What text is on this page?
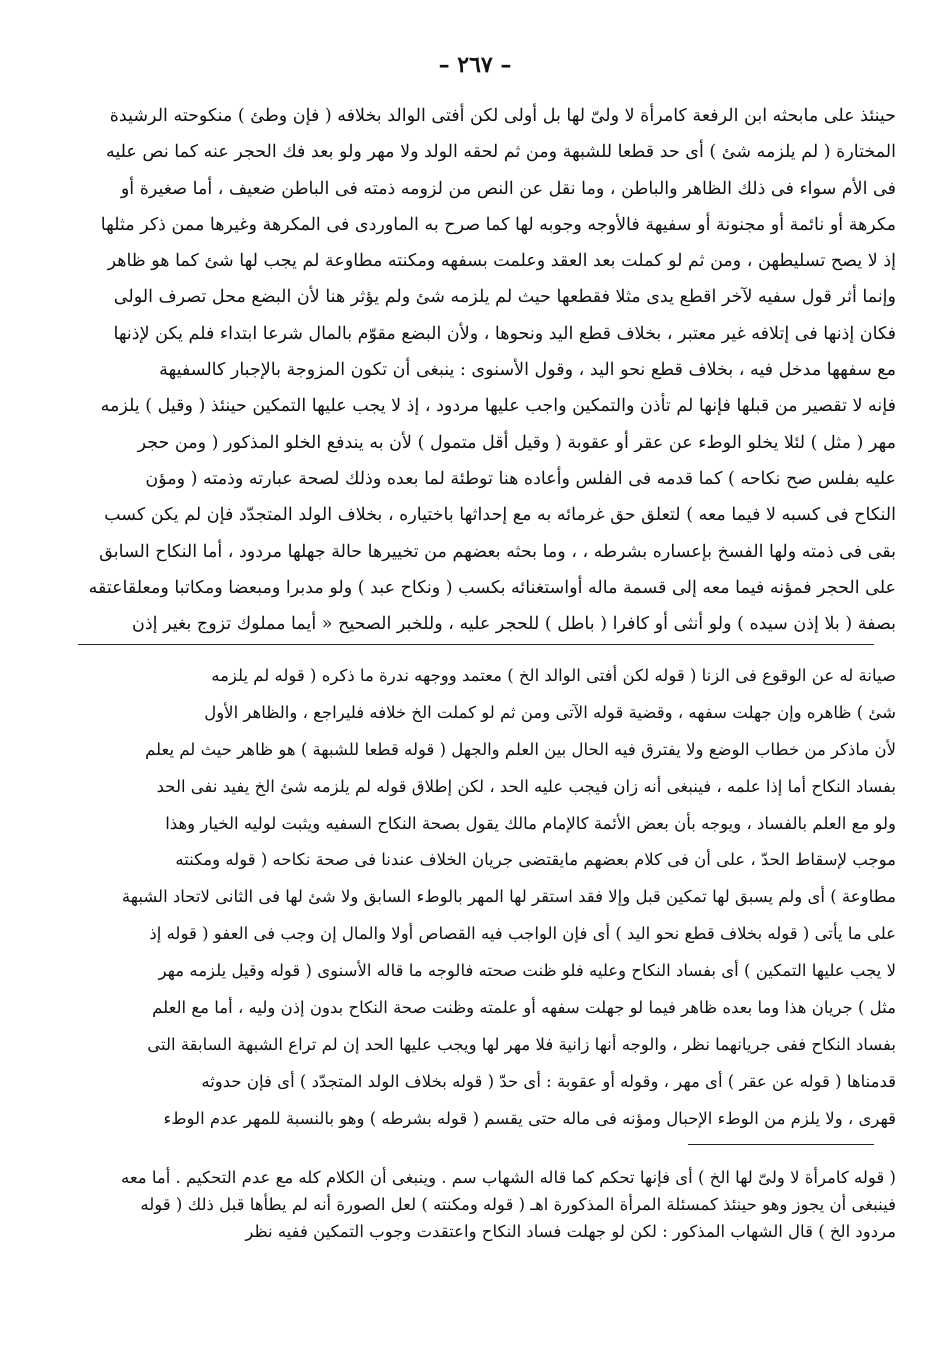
– ٢٦٧ –
حينئذ على مابحثه ابن الرفعة كامرأة لا ولىّ لها بل أولى لكن أفتى الوالد بخلافه ( فإن وطئ ) منكوحته الرشيدة
المختارة ( لم يلزمه شئ ) أى حد قطعا للشبهة ومن ثم لحقه الولد ولا مهر ولو بعد فك الحجر عنه كما نص عليه
فى الأم سواء فى ذلك الظاهر والباطن ، وما نقل عن النص من لزومه ذمته فى الباطن ضعيف ، أما صغيرة أو
مكرهة أو نائمة أو مجنونة أو سفيهة فالأوجه وجوبه لها كما صرح به الماوردى فى المكرهة وغيرها ممن ذكر مثلها
إذ لا يصح تسليطهن ، ومن ثم لو كملت بعد العقد وعلمت بسفهه ومكنته مطاوعة لم يجب لها شئ كما هو ظاهر
وإنما أثر قول سفيه لآخر اقطع يدى مثلا فقطعها حيث لم يلزمه شئ ولم يؤثر هنا لأن البضع محل تصرف الولى
فكان إذنها فى إتلافه غير معتبر ، بخلاف قطع اليد ونحوها ، ولأن البضع مقوّم بالمال شرعا ابتداء فلم يكن لإذنها
مع سفهها مدخل فيه ، بخلاف قطع نحو اليد ، وقول الأسنوى : ينبغى أن تكون المزوجة بالإجبار كالسفيهة
فإنه لا تقصير من قبلها فإنها لم تأذن والتمكين واجب عليها مردود ، إذ لا يجب عليها التمكين حينئذ ( وقيل ) يلزمه
مهر ( مثل ) لئلا يخلو الوطء عن عقر أو عقوبة ( وقيل أقل متمول ) لأن به يندفع الخلو المذكور ( ومن حجر
عليه بفلس صح نكاحه ) كما قدمه فى الفلس وأعاده هنا توطئة لما بعده وذلك لصحة عبارته وذمته ( ومؤن
النكاح فى كسبه لا فيما معه ) لتعلق حق غرمائه به مع إحداثها باختياره ، بخلاف الولد المتجدّد فإن لم يكن كسب
بقى فى ذمته ولها الفسخ بإعساره بشرطه ، ، وما بحثه بعضهم من تخييرها حالة جهلها مردود ، أما النكاح السابق
على الحجر فمؤنه فيما معه إلى قسمة ماله أواستغنائه بكسب ( ونكاح عبد ) ولو مدبرا ومبعضا ومكاتبا ومعلقاعتقه
بصفة ( بلا إذن سيده ) ولو أنثى أو كافرا ( باطل ) للحجر عليه ، وللخبر الصحيح « أيما مملوك تزوج بغير إذن
صيانة له عن الوقوع فى الزنا ( قوله لكن أفتى الوالد الخ ) معتمد ووجهه ندرة ما ذكره ( قوله لم يلزمه
شئ ) ظاهره وإن جهلت سفهه ، وقضية قوله الآتى ومن ثم لو كملت الخ خلافه فليراجع ، والظاهر الأول
لأن ماذكر من خطاب الوضع ولا يفترق فيه الحال بين العلم والجهل ( قوله قطعا للشبهة ) هو ظاهر حيث لم يعلم
بفساد النكاح أما إذا علمه ، فينبغى أنه زان فيجب عليه الحد ، لكن إطلاق قوله لم يلزمه شئ الخ يفيد نفى الحد
ولو مع العلم بالفساد ، ويوجه بأن بعض الأئمة كالإمام مالك يقول بصحة النكاح السفيه ويثبت لوليه الخيار وهذا
موجب لإسقاط الحدّ ، على أن فى كلام بعضهم مايقتضى جريان الخلاف عندنا فى صحة نكاحه ( قوله ومكنته
مطاوعة ) أى ولم يسبق لها تمكين قبل وإلا فقد استقر لها المهر بالوطء السابق ولا شئ لها فى الثانى لاتحاد الشبهة
على ما يأتى ( قوله بخلاف قطع نحو اليد ) أى فإن الواجب فيه القصاص أولا والمال إن وجب فى العفو ( قوله إذ
لا يجب عليها التمكين ) أى بفساد النكاح وعليه فلو ظنت صحته فالوجه ما قاله الأسنوى ( قوله وقيل يلزمه مهر
مثل ) جريان هذا وما بعده ظاهر فيما لو جهلت سفهه أو علمته وظنت صحة النكاح بدون إذن وليه ، أما مع العلم
بفساد النكاح ففى جريانهما نظر ، والوجه أنها زانية فلا مهر لها ويجب عليها الحد إن لم تراع الشبهة السابقة التى
قدمناها ( قوله عن عقر ) أى مهر ، وقوله أو عقوبة : أى حدّ ( قوله بخلاف الولد المتجدّد ) أى فإن حدوثه
قهرى ، ولا يلزم من الوطء الإحبال ومؤنه فى ماله حتى يقسم ( قوله بشرطه ) وهو بالنسبة للمهر عدم الوطء
( قوله كامرأة لا ولىّ لها الخ ) أى فإنها تحكم كما قاله الشهاب سم . وينبغى أن الكلام كله مع عدم التحكيم . أما معه
فينبغى أن يجوز وهو حينئذ كمسئلة المرأة المذكورة اهـ ( قوله ومكنته ) لعل الصورة أنه لم يطأها قبل ذلك ( قوله
مردود الخ ) قال الشهاب المذكور : لكن لو جهلت فساد النكاح واعتقدت وجوب التمكين ففيه نظر
